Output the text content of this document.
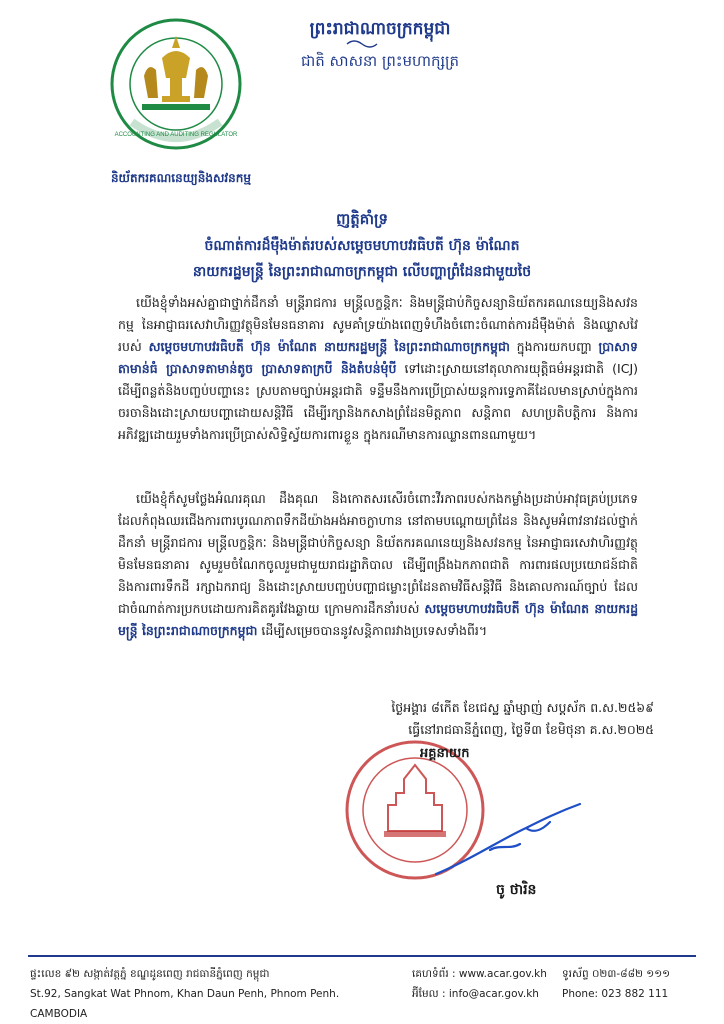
ព្រះរាជាណាចក្រកម្ពុជា
ជាតិ សាសនា ព្រះមហាក្សត្រ
ACCOUNTING AND AUDITING REGULATOR
និយ័តករគណនេយ្យនិងសវនកម្ម
ញត្តិគាំទ្រ
ចំណាត់ការដ៏ម៉ឺងម៉ាត់របស់សម្តេចមហាបវរធិបតី ហ៊ុន ម៉ាណែត
នាយករដ្ឋមន្ត្រី នៃព្រះរាជាណាចក្រកម្ពុជា លើបញ្ហាព្រំដែនជាមួយថៃ
យើងខ្ញុំទាំងអស់គ្នាជាថ្នាក់ដឹកនាំ មន្ត្រីរាជការ មន្ត្រីលក្ខន្តិកៈ និងមន្ត្រីជាប់កិច្ចសន្យានិយ័តករគណនេយ្យនិងសវនកម្ម នៃអាជ្ញាធរសេវាហិរញ្ញវត្ថុមិនមែនធនាគារ សូមគាំទ្រយ៉ាងពេញទំហឹងចំពោះចំណាត់ការដ៏ម៉ឺងម៉ាត់ និងឈ្លាសវៃរបស់ សម្តេចមហាបវរធិបតី ហ៊ុន ម៉ាណែត នាយករដ្ឋមន្ត្រី នៃព្រះរាជាណាចក្រកម្ពុជា ក្នុងការយកបញ្ហា ប្រាសាទតាមាន់ធំ ប្រាសាទតាមាន់តូច ប្រាសាទតាក្របី និងតំបន់មុំបី ទៅដោះស្រាយនៅតុលាការយុត្តិធម៌អន្តរជាតិ (ICJ) ដើម្បីពន្លត់និងបញ្ចប់បញ្ហានេះ ស្របតាមច្បាប់អន្តរជាតិ ទន្ទឹមនឹងការប្រើប្រាស់យន្តការទ្វេភាគីដែលមានស្រាប់ក្នុងការចរចានិងដោះស្រាយបញ្ហាដោយសន្តិវិធី ដើម្បីរក្សានិងកសាងព្រំដែនមិត្តភាព សន្តិភាព សហប្រតិបត្តិការ និងការអភិវឌ្ឍដោយរួមទាំងការប្រើប្រាស់សិទ្ធិស្វ័យការពារខ្លួន ក្នុងករណីមានការឈ្លានពានណាមួយ។
យើងខ្ញុំក៏សូមថ្លែងអំណរគុណ ដឹងគុណ និងកោតសរសើរចំពោះវីរភាពរបស់កងកម្លាំងប្រដាប់អាវុធគ្រប់ប្រភេទ ដែលកំពុងឈរជើងការពារបូរណភាពទឹកដីយ៉ាងអង់អាចក្លាហាន នៅតាមបណ្តោយព្រំដែន និងសូមអំពាវនាវដល់ថ្នាក់ដឹកនាំ មន្ត្រីរាជការ មន្ត្រីលក្ខន្តិកៈ និងមន្ត្រីជាប់កិច្ចសន្យា និយ័តករគណនេយ្យនិងសវនកម្ម នៃអាជ្ញាធរសេវាហិរញ្ញវត្ថុមិនមែនធនាគារ សូមរួមចំណែកចូលរួមជាមួយរាជរដ្ឋាភិបាល ដើម្បីពង្រឹងឯកភាពជាតិ ការពារផលប្រយោជន៍ជាតិ និងការពារទឹកដី រក្សាឯករាជ្យ និងដោះស្រាយបញ្ចប់បញ្ហាជម្លោះព្រំដែនតាមវិធីសន្តិវិធី និងគោលការណ៍ច្បាប់ ដែលជាចំណាត់ការប្រកបដោយការគិតគូរវែងឆ្ងាយ ក្រោមការដឹកនាំរបស់ សម្តេចមហាបវរធិបតី ហ៊ុន ម៉ាណែត នាយករដ្ឋមន្ត្រី នៃព្រះរាជាណាចក្រកម្ពុជា ដើម្បីសម្រេចបាននូវសន្តិភាពរវាងប្រទេសទាំងពីរ។
ថ្ងៃអង្គារ ៨កើត ខែជេស្ឋ ឆ្នាំម្សាញ់ សប្តស័ក ព.ស.២៥៦៩
ធ្វើនៅរាជធានីភ្នំពេញ, ថ្ងៃទី៣ ខែមិថុនា គ.ស.២០២៥
អគ្គនាយក
ចូ ថារិន
ផ្ទះលេខ ៩២ សង្កាត់វត្តភ្នំ ខណ្ឌដូនពេញ រាជធានីភ្នំពេញ កម្ពុជា
St.92, Sangkat Wat Phnom, Khan Daun Penh, Phnom Penh. CAMBODIA
គេហទំព័រ : www.acar.gov.kh
អ៊ីមែល : info@acar.gov.kh
ទូរស័ព្ទ ០២៣-៨៨២ ១១១
Phone: 023 882 111
